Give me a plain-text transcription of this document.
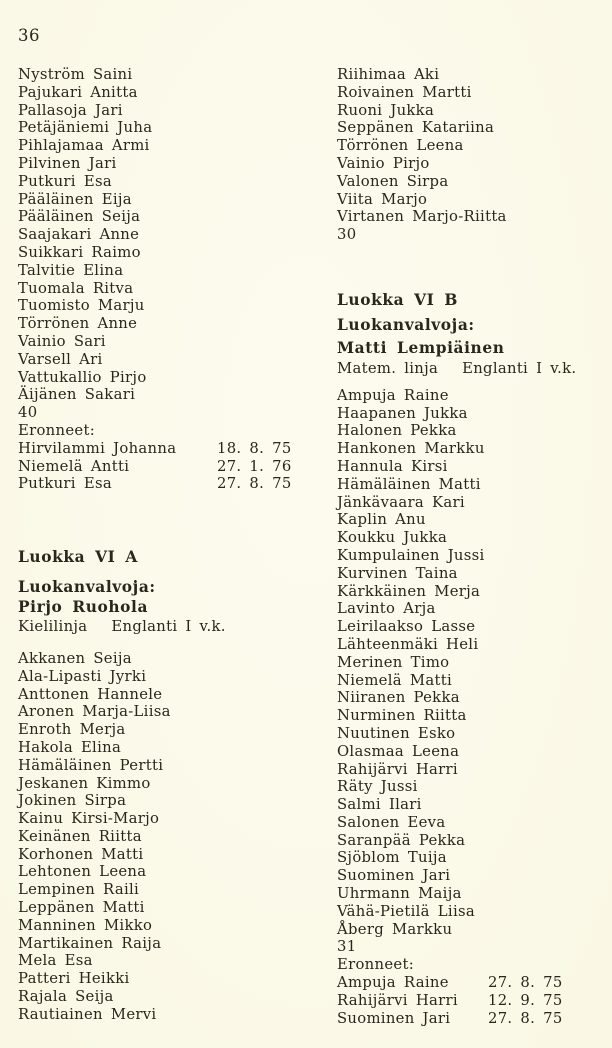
36
Nyström Saini
Pajukari Anitta
Pallasoja Jari
Petäjäniemi Juha
Pihlajamaa Armi
Pilvinen Jari
Putkuri Esa
Pääläinen Eija
Pääläinen Seija
Saajakari Anne
Suikkari Raimo
Talvitie Elina
Tuomala Ritva
Tuomisto Marju
Törrönen Anne
Vainio Sari
Varsell Ari
Vattukallio Pirjo
Äijänen Sakari
40
Eronneet:
Hirvilammi Johanna	18. 8. 75
Niemelä Antti	27. 1. 76
Putkuri Esa	27. 8. 75
Luokka VI A
Luokanvalvoja:
Pirjo Ruohola
Kielilinja   Englanti I v.k.
Akkanen Seija
Ala-Lipasti Jyrki
Anttonen Hannele
Aronen Marja-Liisa
Enroth Merja
Hakola Elina
Hämäläinen Pertti
Jeskanen Kimmo
Jokinen Sirpa
Kainu Kirsi-Marjo
Keinänen Riitta
Korhonen Matti
Lehtonen Leena
Lempinen Raili
Leppänen Matti
Manninen Mikko
Martikainen Raija
Mela Esa
Patteri Heikki
Rajala Seija
Rautiainen Mervi
Riihimaa Aki
Roivainen Martti
Ruoni Jukka
Seppänen Katariina
Törrönen Leena
Vainio Pirjo
Valonen Sirpa
Viita Marjo
Virtanen Marjo-Riitta
30
Luokka VI B
Luokanvalvoja:
Matti Lempiäinen
Matem. linja   Englanti I v.k.
Ampuja Raine
Haapanen Jukka
Halonen Pekka
Hankonen Markku
Hannula Kirsi
Hämäläinen Matti
Jänkävaara Kari
Kaplin Anu
Koukku Jukka
Kumpulainen Jussi
Kurvinen Taina
Kärkkäinen Merja
Lavinto Arja
Leirilaakso Lasse
Lähteenmäki Heli
Merinen Timo
Niemelä Matti
Niiranen Pekka
Nurminen Riitta
Nuutinen Esko
Olasmaa Leena
Rahijärvi Harri
Räty Jussi
Salmi Ilari
Salonen Eeva
Saranpää Pekka
Sjöblom Tuija
Suominen Jari
Uhrmann Maija
Vähä-Pietilä Liisa
Åberg Markku
31
Eronneet:
Ampuja Raine	27. 8. 75
Rahijärvi Harri 12. 9. 75
Suominen Jari	27. 8. 75
